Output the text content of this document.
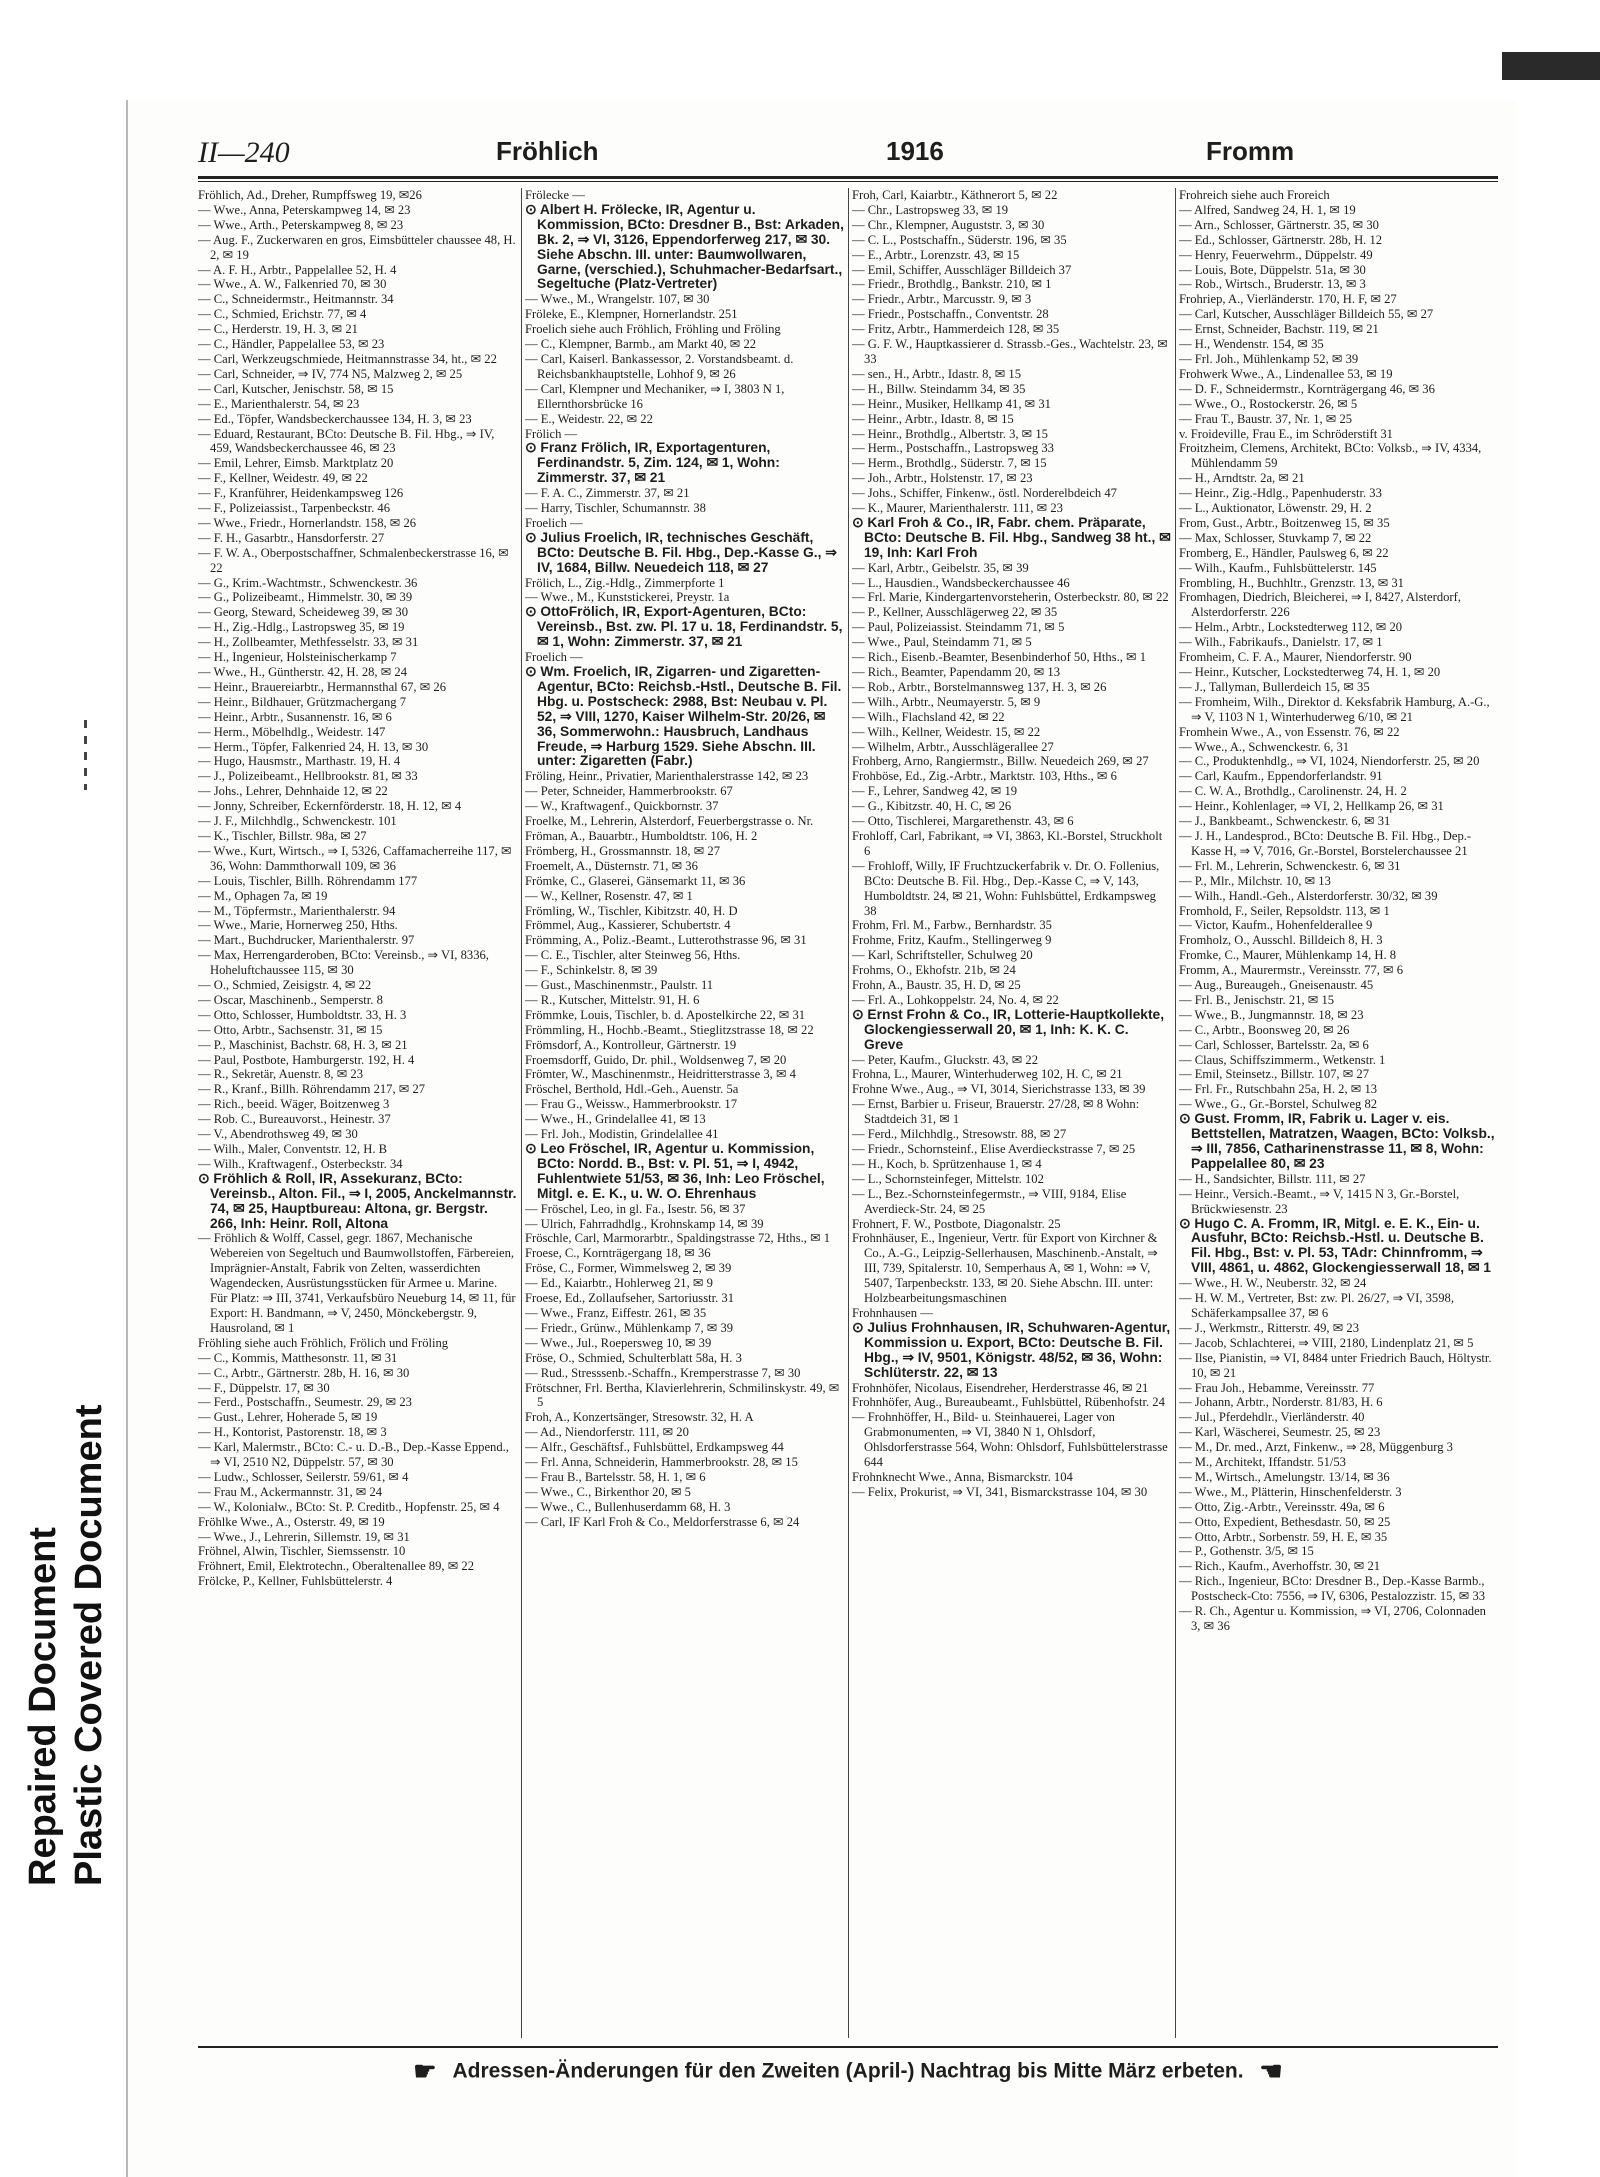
Repaired Document Plastic Covered Document
II—240	Fröhlich	1916	Fromm

Fröhlich, Ad., Dreher, Rumpffsweg 19, ✉26

— Wwe., Anna, Peterskampweg 14, ✉ 23

— Wwe., Arth., Peterskampweg 8, ✉ 23

— Aug. F., Zuckerwaren en gros, Eimsbütteler chaussee 48, H. 2, ✉ 19

— A. F. H., Arbtr., Pappelallee 52, H. 4

— Wwe., A. W., Falkenried 70, ✉ 30

— C., Schneidermstr., Heitmannstr. 34

— C., Schmied, Erichstr. 77, ✉ 4

— C., Herderstr. 19, H. 3, ✉ 21

— C., Händler, Pappelallee 53, ✉ 23

— Carl, Werkzeugschmiede, Heitmannstrasse 34, ht., ✉ 22

— Carl, Schneider, ⇒ IV, 774 N5, Malzweg 2, ✉ 25

— Carl, Kutscher, Jenischstr. 58, ✉ 15

— E., Marienthalerstr. 54, ✉ 23

— Ed., Töpfer, Wandsbeckerchaussee 134, H. 3, ✉ 23

— Eduard, Restaurant, BCto: Deutsche B. Fil. Hbg., ⇒ IV, 459, Wandsbeckerchaussee 46, ✉ 23

— Emil, Lehrer, Eimsb. Marktplatz 20

— F., Kellner, Weidestr. 49, ✉ 22

— F., Kranführer, Heidenkampsweg 126

— F., Polizeiassist., Tarpenbeckstr. 46

— Wwe., Friedr., Hornerlandstr. 158, ✉ 26

— F. H., Gasarbtr., Hansdorferstr. 27

— F. W. A., Oberpostschaffner, Schmalenbeckerstrasse 16, ✉ 22

— G., Krim.-Wachtmstr., Schwenckestr. 36

— G., Polizeibeamt., Himmelstr. 30, ✉ 39

— Georg, Steward, Scheideweg 39, ✉ 30

— H., Zig.-Hdlg., Lastropsweg 35, ✉ 19

— H., Zollbeamter, Methfesselstr. 33, ✉ 31

— H., Ingenieur, Holsteinischerkamp 7

— Wwe., H., Güntherstr. 42, H. 28, ✉ 24

— Heinr., Brauereiarbtr., Hermannsthal 67, ✉ 26

— Heinr., Bildhauer, Grützmachergang 7

— Heinr., Arbtr., Susannenstr. 16, ✉ 6

— Herm., Möbelhdlg., Weidestr. 147

— Herm., Töpfer, Falkenried 24, H. 13, ✉ 30

— Hugo, Hausmstr., Marthastr. 19, H. 4

— J., Polizeibeamt., Hellbrookstr. 81, ✉ 33

— Johs., Lehrer, Dehnhaide 12, ✉ 22

— Jonny, Schreiber, Eckernförderstr. 18, H. 12, ✉ 4

— J. F., Milchhdlg., Schwenckestr. 101

— K., Tischler, Billstr. 98a, ✉ 27

— Wwe., Kurt, Wirtsch., ⇒ I, 5326, Caffamacherreihe 117, ✉ 36, Wohn: Dammthorwall 109, ✉ 36

— Louis, Tischler, Billh. Röhrendamm 177

— M., Ophagen 7a, ✉ 19

— M., Töpfermstr., Marienthalerstr. 94

— Wwe., Marie, Hornerweg 250, Hths.

— Mart., Buchdrucker, Marienthalerstr. 97

— Max, Herrengarderoben, BCto: Vereinsb., ⇒ VI, 8336, Hoheluftchaussee 115, ✉ 30

— O., Schmied, Zeisigstr. 4, ✉ 22

— Oscar, Maschinenb., Semperstr. 8

— Otto, Schlosser, Humboldtstr. 33, H. 3

— Otto, Arbtr., Sachsenstr. 31, ✉ 15

— P., Maschinist, Bachstr. 68, H. 3, ✉ 21

— Paul, Postbote, Hamburgerstr. 192, H. 4

— R., Sekretär, Auenstr. 8, ✉ 23

— R., Kranf., Billh. Röhrendamm 217, ✉ 27

— Rich., beeid. Wäger, Boitzenweg 3

— Rob. C., Bureauvorst., Heinestr. 37

— V., Abendrothsweg 49, ✉ 30

— Wilh., Maler, Conventstr. 12, H. B

— Wilh., Kraftwagenf., Osterbeckstr. 34

⊙ Fröhlich & Roll, IR, Assekuranz, BCto: Vereinsb., Alton. Fil., ⇒ I, 2005, Anckelmannstr. 74, ✉ 25, Hauptbureau: Altona, gr. Bergstr. 266, Inh: Heinr. Roll, Altona

— Fröhlich & Wolff, Cassel, gegr. 1867, Mechanische Webereien von Segeltuch und Baumwollstoffen, Färbereien, Imprägnier-Anstalt, Fabrik von Zelten, wasserdichten Wagendecken, Ausrüstungsstücken für Armee u. Marine. Für Platz: ⇒ III, 3741, Verkaufsbüro Neueburg 14, ✉ 11, für Export: H. Bandmann, ⇒ V, 2450, Mönckebergstr. 9, Hausroland, ✉ 1

Fröhling siehe auch Fröhlich, Frölich und Fröling

— C., Kommis, Matthesonstr. 11, ✉ 31

— C., Arbtr., Gärtnerstr. 28b, H. 16, ✉ 30

— F., Düppelstr. 17, ✉ 30

— Ferd., Postschaffn., Seumestr. 29, ✉ 23

— Gust., Lehrer, Hoherade 5, ✉ 19

— H., Kontorist, Pastorenstr. 18, ✉ 3

— Karl, Malermstr., BCto: C.- u. D.-B., Dep.-Kasse Eppend., ⇒ VI, 2510 N2, Düppelstr. 57, ✉ 30

— Ludw., Schlosser, Seilerstr. 59/61, ✉ 4

— Frau M., Ackermannstr. 31, ✉ 24

— W., Kolonialw., BCto: St. P. Creditb., Hopfenstr. 25, ✉ 4

Fröhlke Wwe., A., Osterstr. 49, ✉ 19

— Wwe., J., Lehrerin, Sillemstr. 19, ✉ 31

Fröhnel, Alwin, Tischler, Siemssenstr. 10

Fröhnert, Emil, Elektrotechn., Oberaltenallee 89, ✉ 22

Frölcke, P., Kellner, Fuhlsbüttelerstr. 4

Frölecke —

⊙ Albert H. Frölecke, IR, Agentur u. Kommission, BCto: Dresdner B., Bst: Arkaden, Bk. 2, ⇒ VI, 3126, Eppendorferweg 217, ✉ 30. Siehe Abschn. III. unter: Baumwollwaren, Garne, (verschied.), Schuhmacher-Bedarfsart., Segeltuche (Platz-Vertreter)

— Wwe., M., Wrangelstr. 107, ✉ 30

Fröleke, E., Klempner, Hornerlandstr. 251

Froelich siehe auch Fröhlich, Fröhling und Fröling

— C., Klempner, Barmb., am Markt 40, ✉ 22

— Carl, Kaiserl. Bankassessor, 2. Vorstandsbeamt. d. Reichsbankhauptstelle, Lohhof 9, ✉ 26

— Carl, Klempner und Mechaniker, ⇒ I, 3803 N 1, Ellernthorsbrücke 16

— E., Weidestr. 22, ✉ 22

Frölich —

⊙ Franz Frölich, IR, Exportagenturen, Ferdinandstr. 5, Zim. 124, ✉ 1, Wohn: Zimmerstr. 37, ✉ 21

— F. A. C., Zimmerstr. 37, ✉ 21

— Harry, Tischler, Schumannstr. 38

Froelich —

⊙ Julius Froelich, IR, technisches Geschäft, BCto: Deutsche B. Fil. Hbg., Dep.-Kasse G., ⇒ IV, 1684, Billw. Neuedeich 118, ✉ 27

Frölich, L., Zig.-Hdlg., Zimmerpforte 1

— Wwe., M., Kunststickerei, Preystr. 1a

⊙ OttoFrölich, IR, Export-Agenturen, BCto: Vereinsb., Bst. zw. Pl. 17 u. 18, Ferdinandstr. 5, ✉ 1, Wohn: Zimmerstr. 37, ✉ 21

Froelich —

⊙ Wm. Froelich, IR, Zigarren- und Zigaretten-Agentur, BCto: Reichsb.-Hstl., Deutsche B. Fil. Hbg. u. Postscheck: 2988, Bst: Neubau v. Pl. 52, ⇒ VIII, 1270, Kaiser Wilhelm-Str. 20/26, ✉ 36, Sommerwohn.: Hausbruch, Landhaus Freude, ⇒ Harburg 1529. Siehe Abschn. III. unter: Zigaretten (Fabr.)

Fröling, Heinr., Privatier, Marienthalerstrasse 142, ✉ 23

— Peter, Schneider, Hammerbrookstr. 67

— W., Kraftwagenf., Quickbornstr. 37

Froelke, M., Lehrerin, Alsterdorf, Feuerbergstrasse o. Nr.

Fröman, A., Bauarbtr., Humboldtstr. 106, H. 2

Frömberg, H., Grossmannstr. 18, ✉ 27

Froemelt, A., Düsternstr. 71, ✉ 36

Frömke, C., Glaserei, Gänsemarkt 11, ✉ 36

— W., Kellner, Rosenstr. 47, ✉ 1

Frömling, W., Tischler, Kibitzstr. 40, H. D

Frömmel, Aug., Kassierer, Schubertstr. 4

Frömming, A., Poliz.-Beamt., Lutterothstrasse 96, ✉ 31

— C. E., Tischler, alter Steinweg 56, Hths.

— F., Schinkelstr. 8, ✉ 39

— Gust., Maschinenmstr., Paulstr. 11

— R., Kutscher, Mittelstr. 91, H. 6

Frömmke, Louis, Tischler, b. d. Apostelkirche 22, ✉ 31

Frömmling, H., Hochb.-Beamt., Stieglitzstrasse 18, ✉ 22

Frömsdorf, A., Kontrolleur, Gärtnerstr. 19

Froemsdorff, Guido, Dr. phil., Woldsenweg 7, ✉ 20

Frömter, W., Maschinenmstr., Heidritterstrasse 3, ✉ 4

Fröschel, Berthold, Hdl.-Geh., Auenstr. 5a

— Frau G., Weissw., Hammerbrookstr. 17

— Wwe., H., Grindelallee 41, ✉ 13

— Frl. Joh., Modistin, Grindelallee 41

⊙ Leo Fröschel, IR, Agentur u. Kommission, BCto: Nordd. B., Bst: v. Pl. 51, ⇒ I, 4942, Fuhlentwiete 51/53, ✉ 36, Inh: Leo Fröschel, Mitgl. e. E. K., u. W. O. Ehrenhaus

— Fröschel, Leo, in gl. Fa., Isestr. 56, ✉ 37

— Ulrich, Fahrradhdlg., Krohnskamp 14, ✉ 39

Fröschle, Carl, Marmorarbtr., Spaldingstrasse 72, Hths., ✉ 1

Froese, C., Kornträgergang 18, ✉ 36

Fröse, C., Former, Wimmelsweg 2, ✉ 39

— Ed., Kaiarbtr., Hohlerweg 21, ✉ 9

Froese, Ed., Zollaufseher, Sartoriusstr. 31

— Wwe., Franz, Eiffestr. 261, ✉ 35

— Friedr., Grünw., Mühlenkamp 7, ✉ 39

— Wwe., Jul., Roepersweg 10, ✉ 39

Fröse, O., Schmied, Schulterblatt 58a, H. 3

— Rud., Stresssenb.-Schaffn., Kremperstrasse 7, ✉ 30

Frötschner, Frl. Bertha, Klavierlehrerin, Schmilinskystr. 49, ✉ 5

Froh, A., Konzertsänger, Stresowstr. 32, H. A

— Ad., Niendorferstr. 111, ✉ 20

— Alfr., Geschäftsf., Fuhlsbüttel, Erdkampsweg 44

— Frl. Anna, Schneiderin, Hammerbrookstr. 28, ✉ 15

— Frau B., Bartelsstr. 58, H. 1, ✉ 6

— Wwe., C., Birkenthor 20, ✉ 5

— Wwe., C., Bullenhuserdamm 68, H. 3

— Carl, IF Karl Froh & Co., Meldorferstrasse 6, ✉ 24

Froh, Carl, Kaiarbtr., Käthnerort 5, ✉ 22

— Chr., Lastropsweg 33, ✉ 19

— Chr., Klempner, Auguststr. 3, ✉ 30

— C. L., Postschaffn., Süderstr. 196, ✉ 35

— E., Arbtr., Lorenzstr. 43, ✉ 15

— Emil, Schiffer, Ausschläger Billdeich 37

— Friedr., Brothdlg., Bankstr. 210, ✉ 1

— Friedr., Arbtr., Marcusstr. 9, ✉ 3

— Friedr., Postschaffn., Conventstr. 28

— Fritz, Arbtr., Hammerdeich 128, ✉ 35

— G. F. W., Hauptkassierer d. Strassb.-Ges., Wachtelstr. 23, ✉ 33

— sen., H., Arbtr., Idastr. 8, ✉ 15

— H., Billw. Steindamm 34, ✉ 35

— Heinr., Musiker, Hellkamp 41, ✉ 31

— Heinr., Arbtr., Idastr. 8, ✉ 15

— Heinr., Brothdlg., Albertstr. 3, ✉ 15

— Herm., Postschaffn., Lastropsweg 33

— Herm., Brothdlg., Süderstr. 7, ✉ 15

— Joh., Arbtr., Holstenstr. 17, ✉ 23

— Johs., Schiffer, Finkenw., östl. Norderelbdeich 47

— K., Maurer, Marienthalerstr. 111, ✉ 23

⊙ Karl Froh & Co., IR, Fabr. chem. Präparate, BCto: Deutsche B. Fil. Hbg., Sandweg 38 ht., ✉ 19, Inh: Karl Froh

— Karl, Arbtr., Geibelstr. 35, ✉ 39

— L., Hausdien., Wandsbeckerchaussee 46

— Frl. Marie, Kindergartenvorsteherin, Osterbeckstr. 80, ✉ 22

— P., Kellner, Ausschlägerweg 22, ✉ 35

— Paul, Polizeiassist. Steindamm 71, ✉ 5

— Wwe., Paul, Steindamm 71, ✉ 5

— Rich., Eisenb.-Beamter, Besenbinderhof 50, Hths., ✉ 1

— Rich., Beamter, Papendamm 20, ✉ 13

— Rob., Arbtr., Borstelmannsweg 137, H. 3, ✉ 26

— Wilh., Arbtr., Neumayerstr. 5, ✉ 9

— Wilh., Flachsland 42, ✉ 22

— Wilh., Kellner, Weidestr. 15, ✉ 22

— Wilhelm, Arbtr., Ausschlägerallee 27

Frohberg, Arno, Rangiermstr., Billw. Neuedeich 269, ✉ 27

Frohböse, Ed., Zig.-Arbtr., Marktstr. 103, Hths., ✉ 6

— F., Lehrer, Sandweg 42, ✉ 19

— G., Kibitzstr. 40, H. C, ✉ 26

— Otto, Tischlerei, Margarethenstr. 43, ✉ 6

Frohloff, Carl, Fabrikant, ⇒ VI, 3863, Kl.-Borstel, Struckholt 6

— Frohloff, Willy, IF Fruchtzuckerfabrik v. Dr. O. Follenius, BCto: Deutsche B. Fil. Hbg., Dep.-Kasse C, ⇒ V, 143, Humboldtstr. 24, ✉ 21, Wohn: Fuhlsbüttel, Erdkampsweg 38

Frohm, Frl. M., Farbw., Bernhardstr. 35

Frohme, Fritz, Kaufm., Stellingerweg 9

— Karl, Schriftsteller, Schulweg 20

Frohms, O., Ekhofstr. 21b, ✉ 24

Frohn, A., Baustr. 35, H. D, ✉ 25

— Frl. A., Lohkoppelstr. 24, No. 4, ✉ 22

⊙ Ernst Frohn & Co., IR, Lotterie-Hauptkollekte, Glockengiesserwall 20, ✉ 1, Inh: K. K. C. Greve

— Peter, Kaufm., Gluckstr. 43, ✉ 22

Frohna, L., Maurer, Winterhuderweg 102, H. C, ✉ 21

Frohne Wwe., Aug., ⇒ VI, 3014, Sierichstrasse 133, ✉ 39

— Ernst, Barbier u. Friseur, Brauerstr. 27/28, ✉ 8 Wohn: Stadtdeich 31, ✉ 1

— Ferd., Milchhdlg., Stresowstr. 88, ✉ 27

— Friedr., Schornsteinf., Elise Averdieckstrasse 7, ✉ 25

— H., Koch, b. Sprützenhause 1, ✉ 4

— L., Schornsteinfeger, Mittelstr. 102

— L., Bez.-Schornsteinfegermstr., ⇒ VIII, 9184, Elise Averdieck-Str. 24, ✉ 25

Frohnert, F. W., Postbote, Diagonalstr. 25

Frohnhäuser, E., Ingenieur, Vertr. für Export von Kirchner & Co., A.-G., Leipzig-Sellerhausen, Maschinenb.-Anstalt, ⇒ III, 739, Spitalerstr. 10, Semperhaus A, ✉ 1, Wohn: ⇒ V, 5407, Tarpenbeckstr. 133, ✉ 20. Siehe Abschn. III. unter: Holzbearbeitungsmaschinen

Frohnhausen —

⊙ Julius Frohnhausen, IR, Schuhwaren-Agentur, Kommission u. Export, BCto: Deutsche B. Fil. Hbg., ⇒ IV, 9501, Königstr. 48/52, ✉ 36, Wohn: Schlüterstr. 22, ✉ 13

Frohnhöfer, Nicolaus, Eisendreher, Herderstrasse 46, ✉ 21

Frohnhöfer, Aug., Bureaubeamt., Fuhlsbüttel, Rübenhofstr. 24

— Frohnhöffer, H., Bild- u. Steinhauerei, Lager von Grabmonumenten, ⇒ VI, 3840 N 1, Ohlsdorf, Ohlsdorferstrasse 564, Wohn: Ohlsdorf, Fuhlsbüttelerstrasse 644

Frohnknecht Wwe., Anna, Bismarckstr. 104

— Felix, Prokurist, ⇒ VI, 341, Bismarckstrasse 104, ✉ 30

Frohreich siehe auch Froreich

— Alfred, Sandweg 24, H. 1, ✉ 19

— Arn., Schlosser, Gärtnerstr. 35, ✉ 30

— Ed., Schlosser, Gärtnerstr. 28b, H. 12

— Henry, Feuerwehrm., Düppelstr. 49

— Louis, Bote, Düppelstr. 51a, ✉ 30

— Rob., Wirtsch., Bruderstr. 13, ✉ 3

Frohriep, A., Vierländerstr. 170, H. F, ✉ 27

— Carl, Kutscher, Ausschläger Billdeich 55, ✉ 27

— Ernst, Schneider, Bachstr. 119, ✉ 21

— H., Wendenstr. 154, ✉ 35

— Frl. Joh., Mühlenkamp 52, ✉ 39

Frohwerk Wwe., A., Lindenallee 53, ✉ 19

— D. F., Schneidermstr., Kornträgergang 46, ✉ 36

— Wwe., O., Rostockerstr. 26, ✉ 5

— Frau T., Baustr. 37, Nr. 1, ✉ 25

v. Froideville, Frau E., im Schröderstift 31

Froitzheim, Clemens, Architekt, BCto: Volksb., ⇒ IV, 4334, Mühlendamm 59

— H., Arndtstr. 2a, ✉ 21

— Heinr., Zig.-Hdlg., Papenhuderstr. 33

— L., Auktionator, Löwenstr. 29, H. 2

From, Gust., Arbtr., Boitzenweg 15, ✉ 35

— Max, Schlosser, Stuvkamp 7, ✉ 22

Fromberg, E., Händler, Paulsweg 6, ✉ 22

— Wilh., Kaufm., Fuhlsbüttelerstr. 145

Frombling, H., Buchhltr., Grenzstr. 13, ✉ 31

Fromhagen, Diedrich, Bleicherei, ⇒ I, 8427, Alsterdorf, Alsterdorferstr. 226

— Helm., Arbtr., Lockstedterweg 112, ✉ 20

— Wilh., Fabrikaufs., Danielstr. 17, ✉ 1

Fromheim, C. F. A., Maurer, Niendorferstr. 90

— Heinr., Kutscher, Lockstedterweg 74, H. 1, ✉ 20

— J., Tallyman, Bullerdeich 15, ✉ 35

— Fromheim, Wilh., Direktor d. Keksfabrik Hamburg, A.-G., ⇒ V, 1103 N 1, Winterhuderweg 6/10, ✉ 21

Fromhein Wwe., A., von Essenstr. 76, ✉ 22

— Wwe., A., Schwenckestr. 6, 31

— C., Produktenhdlg., ⇒ VI, 1024, Niendorferstr. 25, ✉ 20

— Carl, Kaufm., Eppendorferlandstr. 91

— C. W. A., Brothdlg., Carolinenstr. 24, H. 2

— Heinr., Kohlenlager, ⇒ VI, 2, Hellkamp 26, ✉ 31

— J., Bankbeamt., Schwenckestr. 6, ✉ 31

— J. H., Landesprod., BCto: Deutsche B. Fil. Hbg., Dep.-Kasse H, ⇒ V, 7016, Gr.-Borstel, Borstelerchaussee 21

— Frl. M., Lehrerin, Schwenckestr. 6, ✉ 31

— P., Mlr., Milchstr. 10, ✉ 13

— Wilh., Handl.-Geh., Alsterdorferstr. 30/32, ✉ 39

Fromhold, F., Seiler, Repsoldstr. 113, ✉ 1

— Victor, Kaufm., Hohenfelderallee 9

Fromholz, O., Ausschl. Billdeich 8, H. 3

Fromke, C., Maurer, Mühlenkamp 14, H. 8

Fromm, A., Maurermstr., Vereinsstr. 77, ✉ 6

— Aug., Bureaugeh., Gneisenaustr. 45

— Frl. B., Jenischstr. 21, ✉ 15

— Wwe., B., Jungmannstr. 18, ✉ 23

— C., Arbtr., Boonsweg 20, ✉ 26

— Carl, Schlosser, Bartelsstr. 2a, ✉ 6

— Claus, Schiffszimmerm., Wetkenstr. 1

— Emil, Steinsetz., Billstr. 107, ✉ 27

— Frl. Fr., Rutschbahn 25a, H. 2, ✉ 13

— Wwe., G., Gr.-Borstel, Schulweg 82

⊙ Gust. Fromm, IR, Fabrik u. Lager v. eis. Bettstellen, Matratzen, Waagen, BCto: Volksb., ⇒ III, 7856, Catharinenstrasse 11, ✉ 8, Wohn: Pappelallee 80, ✉ 23

— H., Sandsichter, Billstr. 111, ✉ 27

— Heinr., Versich.-Beamt., ⇒ V, 1415 N 3, Gr.-Borstel, Brückwiesenstr. 23

⊙ Hugo C. A. Fromm, IR, Mitgl. e. E. K., Ein- u. Ausfuhr, BCto: Reichsb.-Hstl. u. Deutsche B. Fil. Hbg., Bst: v. Pl. 53, TAdr: Chinnfromm, ⇒ VIII, 4861, u. 4862, Glockengiesserwall 18, ✉ 1

— Wwe., H. W., Neuberstr. 32, ✉ 24

— H. W. M., Vertreter, Bst: zw. Pl. 26/27, ⇒ VI, 3598, Schäferkampsallee 37, ✉ 6

— J., Werkmstr., Ritterstr. 49, ✉ 23

— Jacob, Schlachterei, ⇒ VIII, 2180, Lindenplatz 21, ✉ 5

— Ilse, Pianistin, ⇒ VI, 8484 unter Friedrich Bauch, Höltystr. 10, ✉ 21

— Frau Joh., Hebamme, Vereinsstr. 77

— Johann, Arbtr., Norderstr. 81/83, H. 6

— Jul., Pferdehdlr., Vierländerstr. 40

— Karl, Wäscherei, Seumestr. 25, ✉ 23

— M., Dr. med., Arzt, Finkenw., ⇒ 28, Müggenburg 3

— M., Architekt, Iffandstr. 51/53

— M., Wirtsch., Amelungstr. 13/14, ✉ 36

— Wwe., M., Plätterin, Hinschenfelderstr. 3

— Otto, Zig.-Arbtr., Vereinsstr. 49a, ✉ 6

— Otto, Expedient, Bethesdastr. 50, ✉ 25

— Otto, Arbtr., Sorbenstr. 59, H. E, ✉ 35

— P., Gothenstr. 3/5, ✉ 15

— Rich., Kaufm., Averhoffstr. 30, ✉ 21

— Rich., Ingenieur, BCto: Dresdner B., Dep.-Kasse Barmb., Postscheck-Cto: 7556, ⇒ IV, 6306, Pestalozzistr. 15, ✉ 33

— R. Ch., Agentur u. Kommission, ⇒ VI, 2706, Colonnaden 3, ✉ 36

☛ Adressen-Änderungen für den Zweiten (April-) Nachtrag bis Mitte März erbeten. ☚
